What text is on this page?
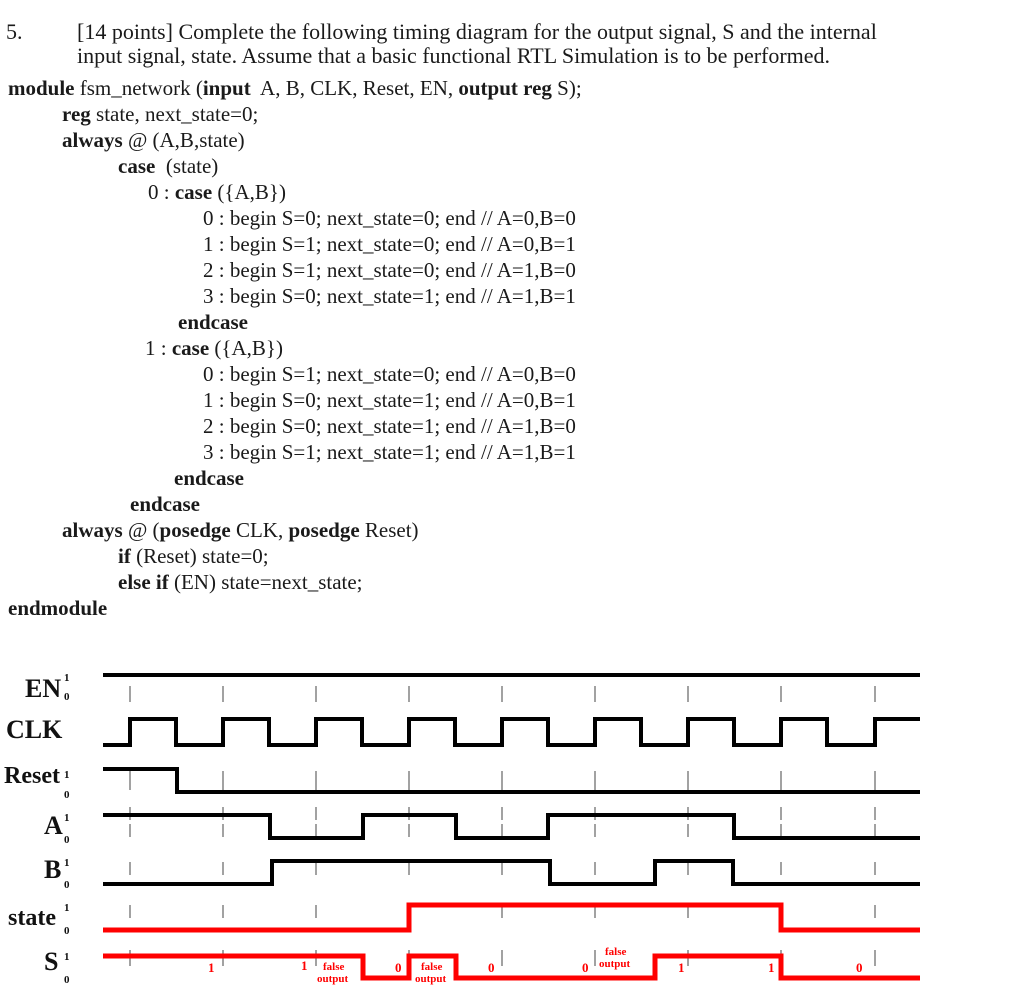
5. [14 points] Complete the following timing diagram for the output signal, S and the internal
input signal, state. Assume that a basic functional RTL Simulation is to be performed.
module fsm_network (input  A, B, CLK, Reset, EN, output reg S);
reg state, next_state=0;
always @ (A,B,state)
case  (state)
0 : case ({A,B})
0 : begin S=0; next_state=0; end // A=0,B=0
1 : begin S=1; next_state=0; end // A=0,B=1
2 : begin S=1; next_state=0; end // A=1,B=0
3 : begin S=0; next_state=1; end // A=1,B=1
endcase
1 : case ({A,B})
0 : begin S=1; next_state=0; end // A=0,B=0
1 : begin S=0; next_state=1; end // A=0,B=1
2 : begin S=0; next_state=1; end // A=1,B=0
3 : begin S=1; next_state=1; end // A=1,B=1
endcase
endcase
always @ (posedge CLK, posedge Reset)
if (Reset) state=0;
else if (EN) state=next_state;
endmodule
EN
CLK
Reset
A
B
state
S
1
0
1
0
1
0
1
0
1
0
1
0
1	1	0	0	0	1	1	0
false
output
false
output
false
output
